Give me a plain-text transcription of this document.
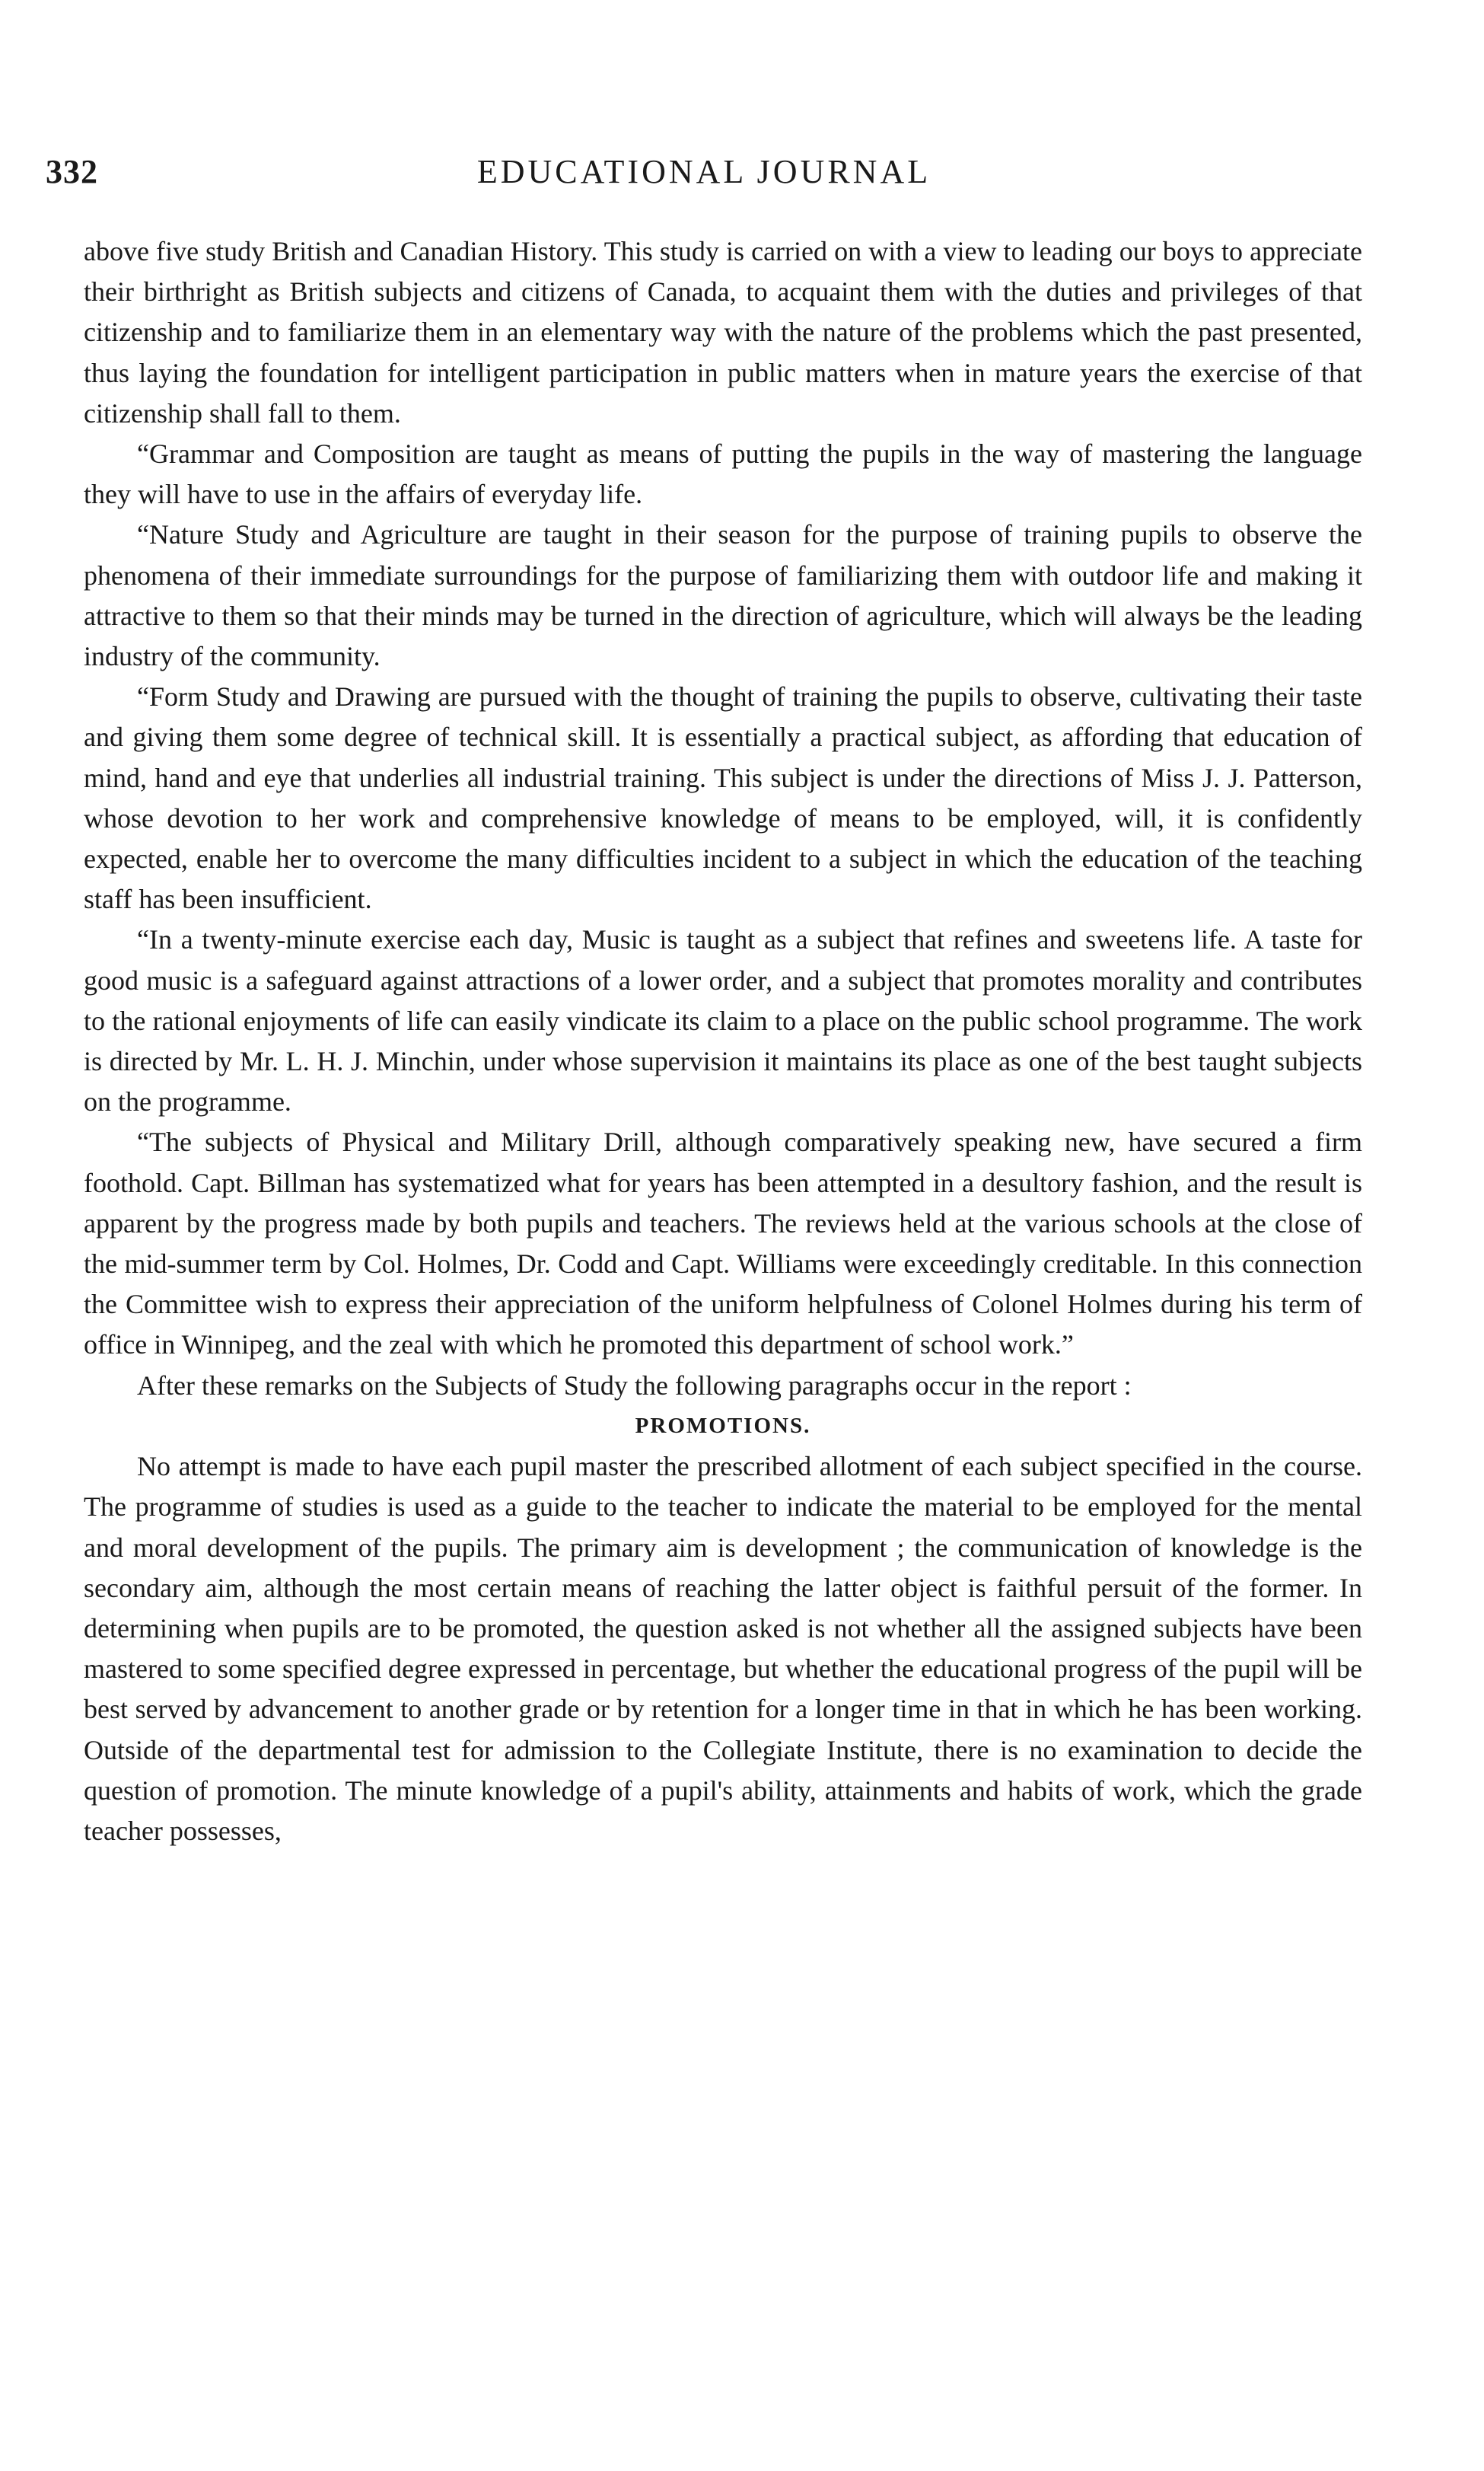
332	EDUCATIONAL JOURNAL

above five study British and Canadian History. This study is carried on with a view to leading our boys to appreciate their birthright as British subjects and citizens of Canada, to acquaint them with the duties and privileges of that citizenship and to familiarize them in an elementary way with the nature of the problems which the past presented, thus laying the foundation for intelligent participation in public matters when in mature years the exercise of that citizenship shall fall to them.

“Grammar and Composition are taught as means of putting the pupils in the way of mastering the language they will have to use in the affairs of everyday life.

“Nature Study and Agriculture are taught in their season for the purpose of training pupils to observe the phenomena of their immediate surroundings for the purpose of familiarizing them with outdoor life and making it attractive to them so that their minds may be turned in the direction of agriculture, which will always be the leading industry of the community.

“Form Study and Drawing are pursued with the thought of training the pupils to observe, cultivating their taste and giving them some degree of technical skill. It is essentially a practical subject, as affording that education of mind, hand and eye that underlies all industrial training. This subject is under the directions of Miss J. J. Patterson, whose devotion to her work and comprehensive knowledge of means to be employed, will, it is confidently expected, enable her to overcome the many difficulties incident to a subject in which the education of the teaching staff has been insufficient.

“In a twenty-minute exercise each day, Music is taught as a subject that refines and sweetens life. A taste for good music is a safeguard against attractions of a lower order, and a subject that promotes morality and contributes to the rational enjoyments of life can easily vindicate its claim to a place on the public school programme. The work is directed by Mr. L. H. J. Minchin, under whose supervision it maintains its place as one of the best taught subjects on the programme.

“The subjects of Physical and Military Drill, although comparatively speaking new, have secured a firm foothold. Capt. Billman has systematized what for years has been attempted in a desultory fashion, and the result is apparent by the progress made by both pupils and teachers. The reviews held at the various schools at the close of the mid-summer term by Col. Holmes, Dr. Codd and Capt. Williams were exceedingly creditable. In this connection the Committee wish to express their appreciation of the uniform helpfulness of Colonel Holmes during his term of office in Winnipeg, and the zeal with which he promoted this department of school work.”

After these remarks on the Subjects of Study the following paragraphs occur in the report :

PROMOTIONS.

No attempt is made to have each pupil master the prescribed allotment of each subject specified in the course. The programme of studies is used as a guide to the teacher to indicate the material to be employed for the mental and moral development of the pupils. The primary aim is development ; the communication of knowledge is the secondary aim, although the most certain means of reaching the latter object is faithful persuit of the former. In determining when pupils are to be promoted, the question asked is not whether all the assigned subjects have been mastered to some specified degree expressed in percentage, but whether the educational progress of the pupil will be best served by advancement to another grade or by retention for a longer time in that in which he has been working. Outside of the departmental test for admission to the Collegiate Institute, there is no examination to decide the question of promotion. The minute knowledge of a pupil's ability, attainments and habits of work, which the grade teacher possesses,
